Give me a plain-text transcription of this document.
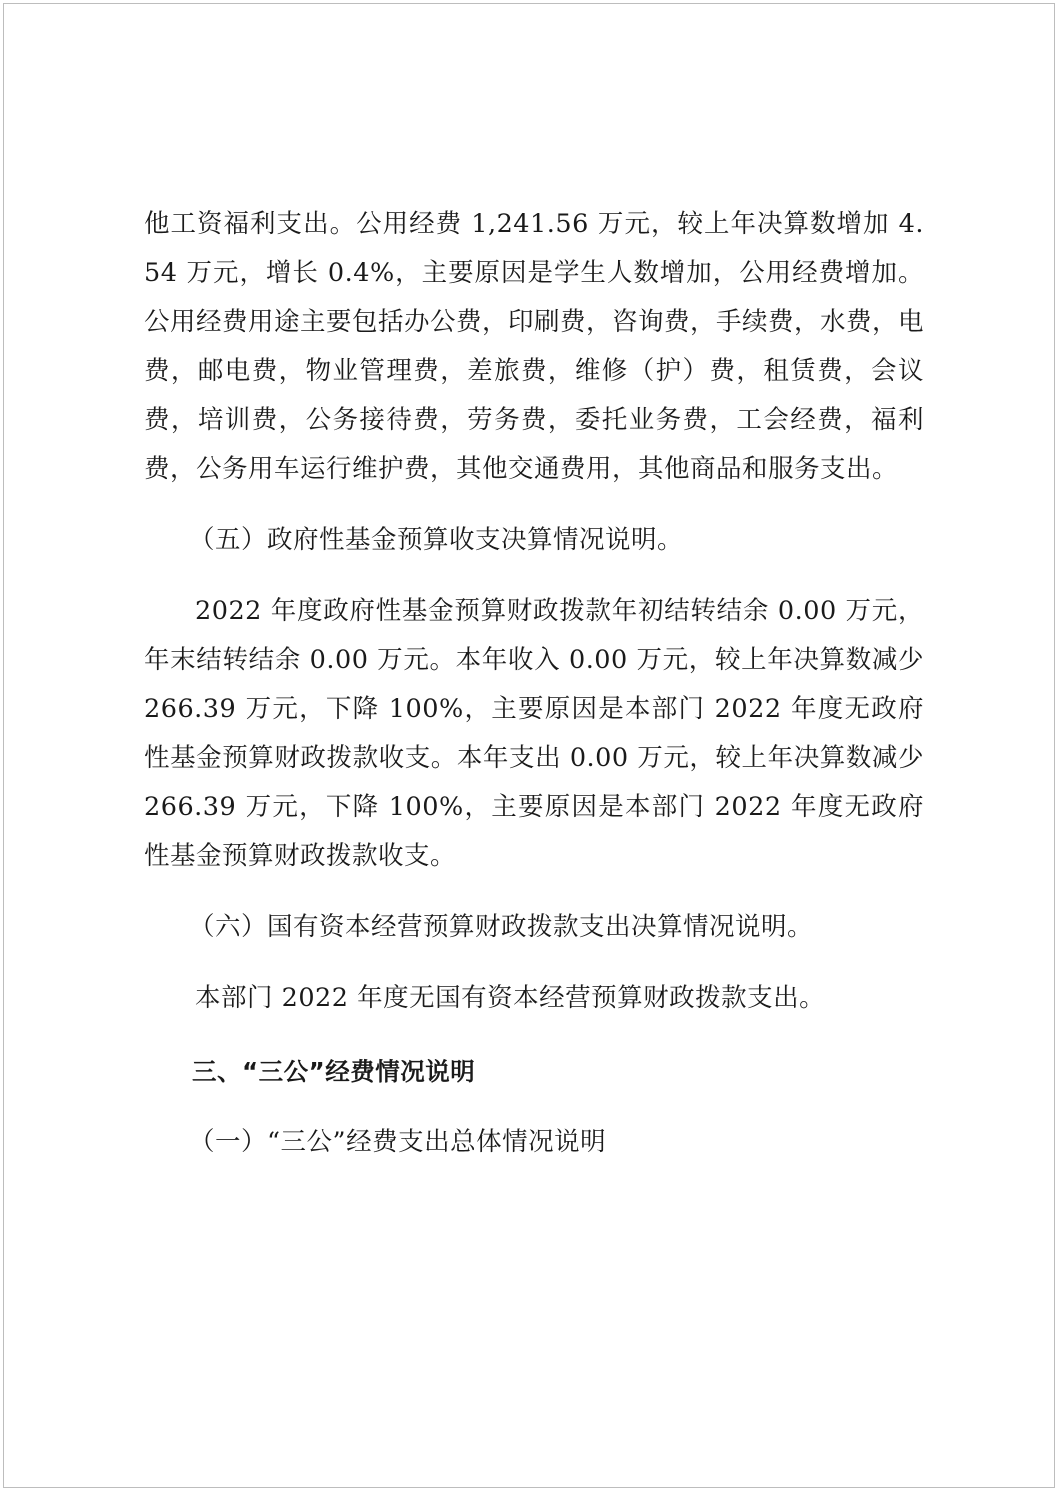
他工资福利支出。公用经费 1,241.56 万元，较上年决算数增加 4.54 万元，增长 0.4%，主要原因是学生人数增加，公用经费增加。公用经费用途主要包括办公费，印刷费，咨询费，手续费，水费，电费，邮电费，物业管理费，差旅费，维修（护）费，租赁费，会议费，培训费，公务接待费，劳务费，委托业务费，工会经费，福利费，公务用车运行维护费，其他交通费用，其他商品和服务支出。

（五）政府性基金预算收支决算情况说明。

2022 年度政府性基金预算财政拨款年初结转结余 0.00 万元，年末结转结余 0.00 万元。本年收入 0.00 万元，较上年决算数减少 266.39 万元，下降 100%，主要原因是本部门 2022 年度无政府性基金预算财政拨款收支。本年支出 0.00 万元，较上年决算数减少 266.39 万元，下降 100%，主要原因是本部门 2022 年度无政府性基金预算财政拨款收支。

（六）国有资本经营预算财政拨款支出决算情况说明。

本部门 2022 年度无国有资本经营预算财政拨款支出。

三、“三公”经费情况说明

（一）“三公”经费支出总体情况说明
